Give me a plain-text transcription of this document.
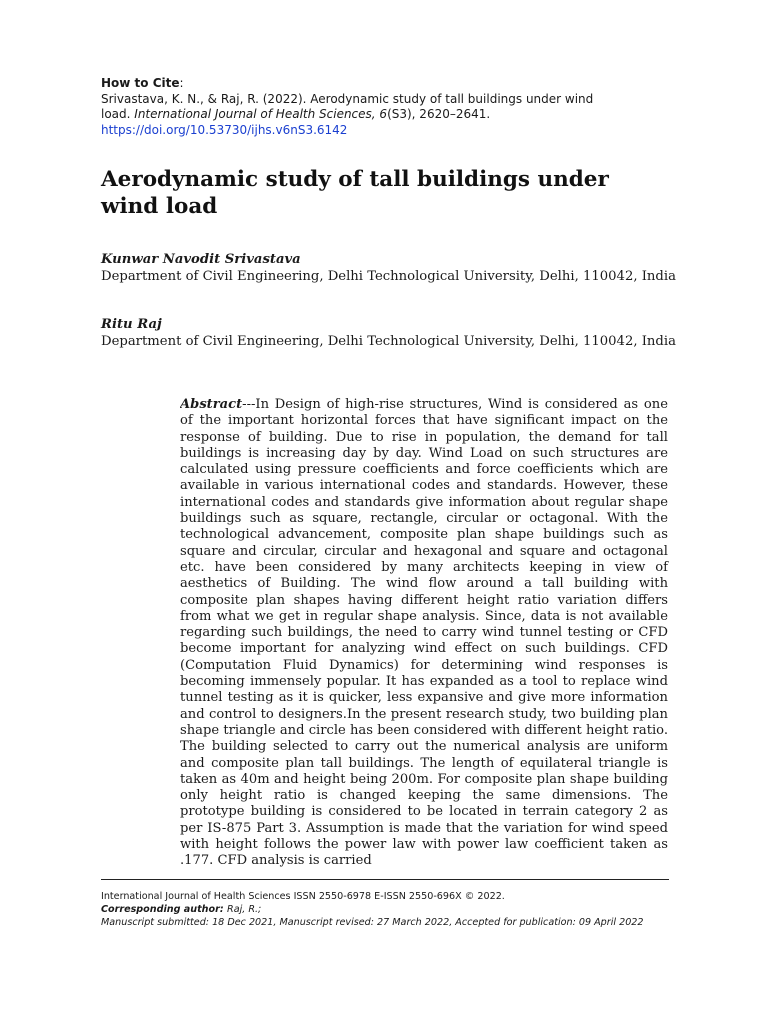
How to Cite:
Srivastava, K. N., & Raj, R. (2022). Aerodynamic study of tall buildings under wind
load. International Journal of Health Sciences, 6(S3), 2620–2641.
https://doi.org/10.53730/ijhs.v6nS3.6142
Aerodynamic study of tall buildings under wind load
Kunwar Navodit Srivastava
Department of Civil Engineering, Delhi Technological University, Delhi, 110042, India
Ritu Raj
Department of Civil Engineering, Delhi Technological University, Delhi, 110042, India
Abstract---In Design of high-rise structures, Wind is considered as one of the important horizontal forces that have significant impact on the response of building. Due to rise in population, the demand for tall buildings is increasing day by day. Wind Load on such structures are calculated using pressure coefficients and force coefficients which are available in various international codes and standards. However, these international codes and standards give information about regular shape buildings such as square, rectangle, circular or octagonal. With the technological advancement, composite plan shape buildings such as square and circular, circular and hexagonal and square and octagonal etc. have been considered by many architects keeping in view of aesthetics of Building. The wind flow around a tall building with composite plan shapes having different height ratio variation differs from what we get in regular shape analysis. Since, data is not available regarding such buildings, the need to carry wind tunnel testing or CFD become important for analyzing wind effect on such buildings. CFD (Computation Fluid Dynamics) for determining wind responses is becoming immensely popular. It has expanded as a tool to replace wind tunnel testing as it is quicker, less expansive and give more information and control to designers.In the present research study, two building plan shape triangle and circle has been considered with different height ratio. The building selected to carry out the numerical analysis are uniform and composite plan tall buildings. The length of equilateral triangle is taken as 40m and height being 200m. For composite plan shape building only height ratio is changed keeping the same dimensions. The prototype building is considered to be located in terrain category 2 as per IS-875 Part 3. Assumption is made that the variation for wind speed with height follows the power law with power law coefficient taken as .177. CFD analysis is carried
International Journal of Health Sciences ISSN 2550-6978 E-ISSN 2550-696X © 2022.
Corresponding author: Raj, R.;
Manuscript submitted: 18 Dec 2021, Manuscript revised: 27 March 2022, Accepted for publication: 09 April 2022
